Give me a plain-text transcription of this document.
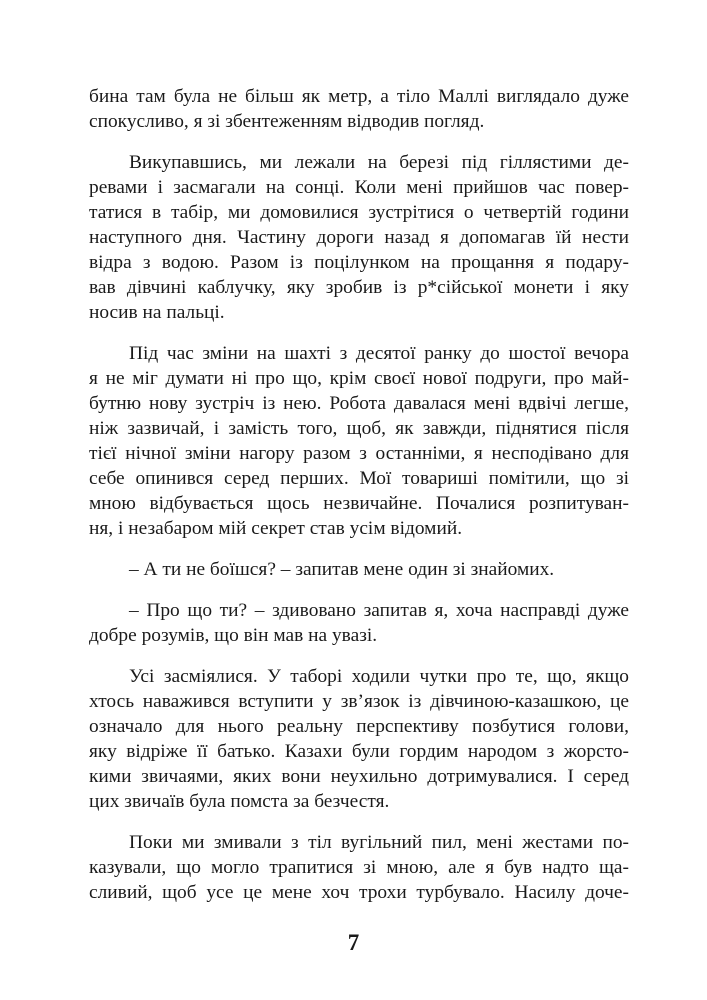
бина там була не більш як метр, а тіло Маллі виглядало дуже
спокусливо, я зі збентеженням відводив погляд.

Викупавшись, ми лежали на березі під гіллястими де-
ревами і засмагали на сонці. Коли мені прийшов час повер-
татися в табір, ми домовилися зустрітися о четвертій години
наступного дня. Частину дороги назад я допомагав їй нести
відра з водою. Разом із поцілунком на прощання я подару-
вав дівчині каблучку, яку зробив із р*сійської монети і яку
носив на пальці.

Під час зміни на шахті з десятої ранку до шостої вечора
я не міг думати ні про що, крім своєї нової подруги, про май-
бутню нову зустріч із нею. Робота давалася мені вдвічі легше,
ніж зазвичай, і замість того, щоб, як завжди, піднятися після
тієї нічної зміни нагору разом з останніми, я несподівано для
себе опинився серед перших. Мої товариші помітили, що зі
мною відбувається щось незвичайне. Почалися розпитуван-
ня, і незабаром мій секрет став усім відомий.

– А ти не боїшся? – запитав мене один зі знайомих.

– Про що ти? – здивовано запитав я, хоча насправді дуже
добре розумів, що він мав на увазі.

Усі засміялися. У таборі ходили чутки про те, що, якщо
хтось наважився вступити у зв’язок із дівчиною-казашкою, це
означало для нього реальну перспективу позбутися голови,
яку відріже її батько. Казахи були гордим народом з жорсто-
кими звичаями, яких вони неухильно дотримувалися. І серед
цих звичаїв була помста за безчестя.

Поки ми змивали з тіл вугільний пил, мені жестами по-
казували, що могло трапитися зі мною, але я був надто ща-
сливий, щоб усе це мене хоч трохи турбувало. Насилу доче-

7
